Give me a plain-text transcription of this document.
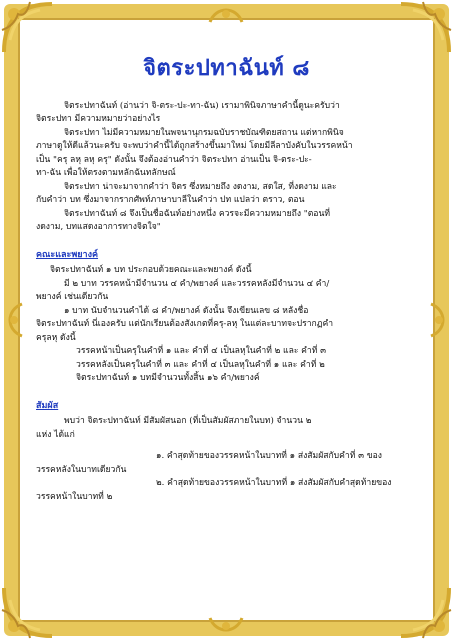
จิตระปทาฉันท์ ๘

จิตระปทาฉันท์ (อ่านว่า จิ-ตระ-ปะ-ทา-ฉัน) เรามาพินิจภาษาคำนี้ดูนะครับว่า

จิตระปทา มีความหมายว่าอย่างไร

จิตระปทา ไม่มีความหมายในพจนานุกรมฉบับราชบัณฑิตยสถาน แต่หากพินิจ

ภาษาดูให้ดีแล้วนะครับ จะพบว่าคำนี้ได้ถูกสร้างขึ้นมาใหม่ โดยมีลีลาบังคับในวรรคหน้า

เป็น "ครุ ลหุ ลหุ ครุ" ดังนั้น จึงต้องอ่านคำว่า จิตระปทา อ่านเป็น จิ-ตระ-ปะ-

ทา-ฉัน เพื่อให้ตรงตามหลักฉันทลักษณ์

จิตระปทา น่าจะมาจากคำว่า จิตร ซึ่งหมายถึง งดงาม, สดใส, ที่งดงาม และ

กับคำว่า บท ซึ่งมาจากรากศัพท์ภาษาบาลีในคำว่า ปท แปลว่า ตราว, ตอน

จิตระปทาฉันท์ ๘ จึงเป็นชื่อฉันท์อย่างหนึ่ง ควรจะมีความหมายถึง "ตอนที่

งดงาม, บทแสดงอาการทางจิตใจ"

คณะและพยางค์

จิตระปทาฉันท์ ๑ บท ประกอบด้วยคณะและพยางค์ ดังนี้

มี ๒ บาท วรรคหน้ามีจำนวน ๔ คำ/พยางค์ และวรรคหลังมีจำนวน ๔ คำ/

พยางค์ เช่นเดียวกัน

๑ บาท นับจำนวนคำได้ ๘ คำ/พยางค์ ดังนั้น จึงเขียนเลข ๘ หลังชื่อ

จิตระปทาฉันท์ นี่เองครับ แต่นักเรียนต้องสังเกตที่ครุ-ลหุ ในแต่ละบาทจะปรากฏคำ

ครุลหุ ดังนี้

วรรคหน้าเป็นครุในคำที่ ๑ และ คำที่ ๔ เป็นลหุในคำที่ ๒ และ คำที่ ๓

วรรคหลังเป็นครุในคำที่ ๓ และ คำที่ ๔ เป็นลหุในคำที่ ๑ และ คำที่ ๒

จิตระปทาฉันท์ ๑ บทมีจำนวนทั้งสิ้น ๑๖ คำ/พยางค์

สัมผัส

พบว่า จิตระปทาฉันท์ มีสัมผัสนอก (ที่เป็นสัมผัสภายในบท) จำนวน ๒

แห่ง ได้แก่

๑. คำสุดท้ายของวรรคหน้าในบาทที่ ๑ ส่งสัมผัสกับคำที่ ๓ ของ

วรรคหลังในบาทเดียวกัน

๒. คำสุดท้ายของวรรคหน้าในบาทที่ ๑ ส่งสัมผัสกับคำสุดท้ายของ

วรรคหน้าในบาทที่ ๒
